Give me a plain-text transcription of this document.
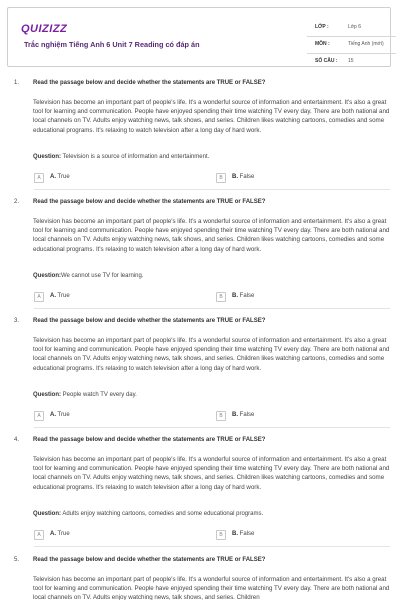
QUIZIZZ
Trắc nghiệm Tiếng Anh 6 Unit 7 Reading có đáp án
LỚP :	Lớp 6
MÔN :	Tiếng Anh (mới)
SỐ CÂU : 15
1. Read the passage below and decide whether the statements are TRUE or FALSE?
Television has become an important part of people's life. It's a wonderful source of information and entertainment. It's also a great tool for learning and communication. People have enjoyed spending their time watching TV every day. There are both national and local channels on TV. Adults enjoy watching news, talk shows, and series. Children likes watching cartoons, comedies and some educational programs. It's relaxing to watch television after a long day of hard work.
Question: Television is a source of information and entertainment.
A	A. True	B	B. False
2. Read the passage below and decide whether the statements are TRUE or FALSE?
Television has become an important part of people's life. It's a wonderful source of information and entertainment. It's also a great tool for learning and communication. People have enjoyed spending their time watching TV every day. There are both national and local channels on TV. Adults enjoy watching news, talk shows, and series. Children likes watching cartoons, comedies and some educational programs. It's relaxing to watch television after a long day of hard work.
Question:We cannot use TV for learning.
A	A. True	B	B. False
3. Read the passage below and decide whether the statements are TRUE or FALSE?
Television has become an important part of people's life. It's a wonderful source of information and entertainment. It's also a great tool for learning and communication. People have enjoyed spending their time watching TV every day. There are both national and local channels on TV. Adults enjoy watching news, talk shows, and series. Children likes watching cartoons, comedies and some educational programs. It's relaxing to watch television after a long day of hard work.
Question: People watch TV every day.
A	A. True	B	B. False
4. Read the passage below and decide whether the statements are TRUE or FALSE?
Television has become an important part of people's life. It's a wonderful source of information and entertainment. It's also a great tool for learning and communication. People have enjoyed spending their time watching TV every day. There are both national and local channels on TV. Adults enjoy watching news, talk shows, and series. Children likes watching cartoons, comedies and some educational programs. It's relaxing to watch television after a long day of hard work.
Question: Adults enjoy watching cartoons, comedies and some educational programs.
A	A. True	B	B. False
5. Read the passage below and decide whether the statements are TRUE or FALSE?
Television has become an important part of people's life. It's a wonderful source of information and entertainment. It's also a great tool for learning and communication. People have enjoyed spending their time watching TV every day. There are both national and local channels on TV. Adults enjoy watching news, talk shows, and series. Children
